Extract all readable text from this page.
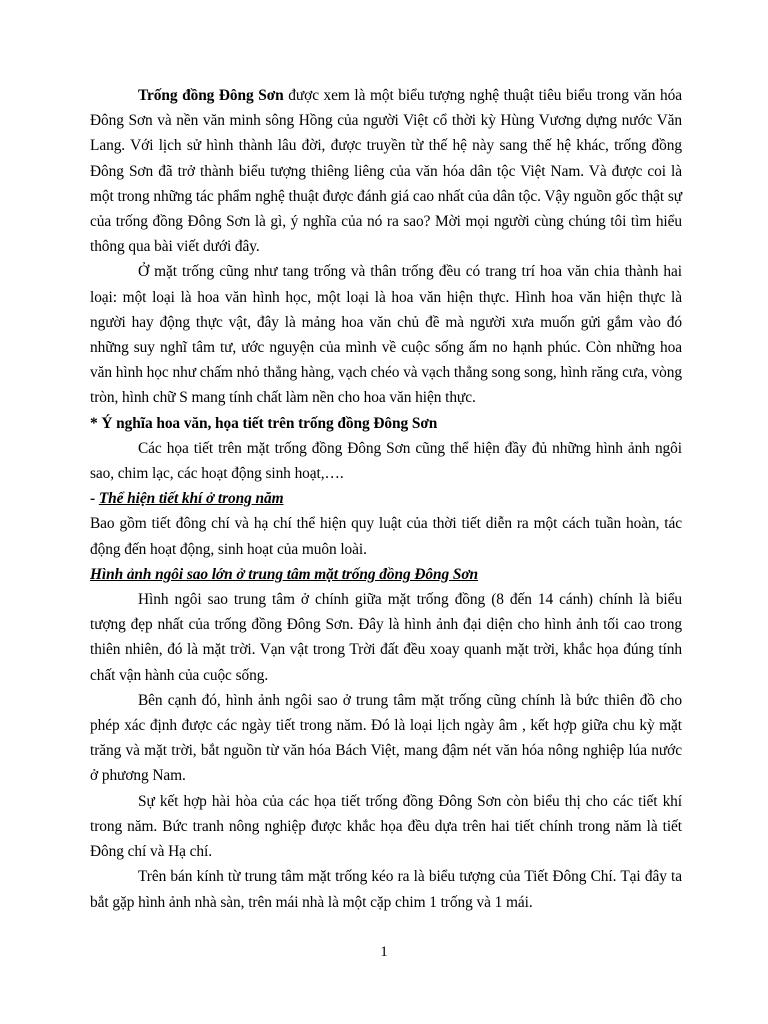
Trống đồng Đông Sơn được xem là một biểu tượng nghệ thuật tiêu biểu trong văn hóa Đông Sơn và nền văn minh sông Hồng của người Việt cổ thời kỳ Hùng Vương dựng nước Văn Lang. Với lịch sử hình thành lâu đời, được truyền từ thế hệ này sang thế hệ khác, trống đồng Đông Sơn đã trở thành biểu tượng thiêng liêng của văn hóa dân tộc Việt Nam. Và được coi là một trong những tác phẩm nghệ thuật được đánh giá cao nhất của dân tộc. Vậy nguồn gốc thật sự của trống đồng Đông Sơn là gì, ý nghĩa của nó ra sao? Mời mọi người cùng chúng tôi tìm hiểu thông qua bài viết dưới đây.

Ở mặt trống cũng như tang trống và thân trống đều có trang trí hoa văn chia thành hai loại: một loại là hoa văn hình học, một loại là hoa văn hiện thực. Hình hoa văn hiện thực là người hay động thực vật, đây là mảng hoa văn chủ đề mà người xưa muốn gửi gắm vào đó những suy nghĩ tâm tư, ước nguyện của mình về cuộc sống ấm no hạnh phúc. Còn những hoa văn hình học như chấm nhỏ thẳng hàng, vạch chéo và vạch thẳng song song, hình răng cưa, vòng tròn, hình chữ S mang tính chất làm nền cho hoa văn hiện thực.

* Ý nghĩa hoa văn, họa tiết trên trống đồng Đông Sơn

Các họa tiết trên mặt trống đồng Đông Sơn cũng thể hiện đầy đủ những hình ảnh ngôi sao, chim lạc, các hoạt động sinh hoạt,….

- Thể hiện tiết khí ở trong năm

Bao gồm tiết đông chí và hạ chí thể hiện quy luật của thời tiết diễn ra một cách tuần hoàn, tác động đến hoạt động, sinh hoạt của muôn loài.

Hình ảnh ngôi sao lớn ở trung tâm mặt trống đồng Đông Sơn

Hình ngôi sao trung tâm ở chính giữa mặt trống đồng (8 đến 14 cánh) chính là biểu tượng đẹp nhất của trống đồng Đông Sơn. Đây là hình ảnh đại diện cho hình ảnh tối cao trong thiên nhiên, đó là mặt trời. Vạn vật trong Trời đất đều xoay quanh mặt trời, khắc họa đúng tính chất vận hành của cuộc sống.

Bên cạnh đó, hình ảnh ngôi sao ở trung tâm mặt trống cũng chính là bức thiên đồ cho phép xác định được các ngày tiết trong năm. Đó là loại lịch ngày âm , kết hợp giữa chu kỳ mặt trăng và mặt trời, bắt nguồn từ văn hóa Bách Việt, mang đậm nét văn hóa nông nghiệp lúa nước ở phương Nam.

Sự kết hợp hài hòa của các họa tiết trống đồng Đông Sơn còn biểu thị cho các tiết khí trong năm. Bức tranh nông nghiệp được khắc họa đều dựa trên hai tiết chính trong năm là tiết Đông chí và Hạ chí.

Trên bán kính từ trung tâm mặt trống kéo ra là biểu tượng của Tiết Đông Chí. Tại đây ta bắt gặp hình ảnh nhà sàn, trên mái nhà là một cặp chim 1 trống và 1 mái.

1
